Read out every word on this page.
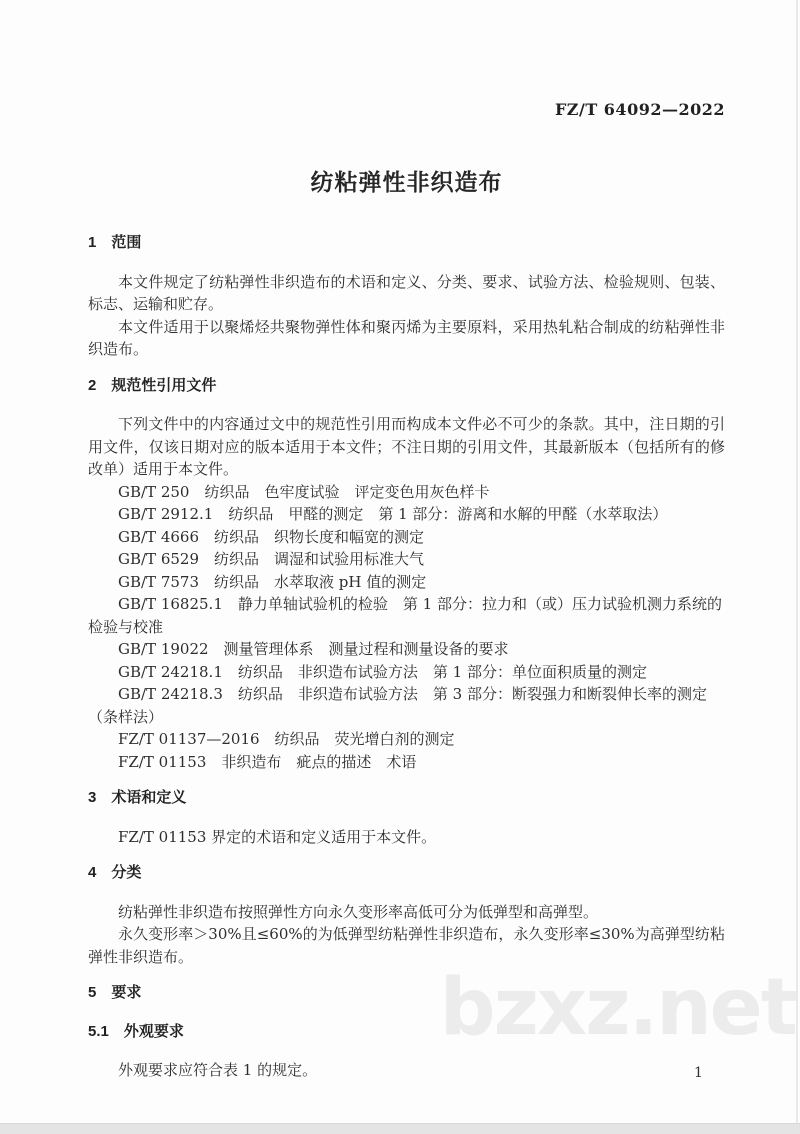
bzxz.net
FZ/T 64092—2022
纺粘弹性非织造布
1　范围

本文件规定了纺粘弹性非织造布的术语和定义、分类、要求、试验方法、检验规则、包装、标志、运输和贮存。

本文件适用于以聚烯烃共聚物弹性体和聚丙烯为主要原料，采用热轧粘合制成的纺粘弹性非织造布。

2　规范性引用文件

下列文件中的内容通过文中的规范性引用而构成本文件必不可少的条款。其中，注日期的引用文件，仅该日期对应的版本适用于本文件；不注日期的引用文件，其最新版本（包括所有的修改单）适用于本文件。

GB/T 250　纺织品　色牢度试验　评定变色用灰色样卡
GB/T 2912.1　纺织品　甲醛的测定　第 1 部分：游离和水解的甲醛（水萃取法）
GB/T 4666　纺织品　织物长度和幅宽的测定
GB/T 6529　纺织品　调湿和试验用标准大气
GB/T 7573　纺织品　水萃取液 pH 值的测定
GB/T 16825.1　静力单轴试验机的检验　第 1 部分：拉力和（或）压力试验机测力系统的检验与校准
GB/T 19022　测量管理体系　测量过程和测量设备的要求
GB/T 24218.1　纺织品　非织造布试验方法　第 1 部分：单位面积质量的测定
GB/T 24218.3　纺织品　非织造布试验方法　第 3 部分：断裂强力和断裂伸长率的测定（条样法）
FZ/T 01137—2016　纺织品　荧光增白剂的测定
FZ/T 01153　非织造布　疵点的描述　术语
3　术语和定义

FZ/T 01153 界定的术语和定义适用于本文件。

4　分类

纺粘弹性非织造布按照弹性方向永久变形率高低可分为低弹型和高弹型。

永久变形率＞30%且≤60%的为低弹型纺粘弹性非织造布，永久变形率≤30%为高弹型纺粘弹性非织造布。

5　要求
5.1　外观要求

外观要求应符合表 1 的规定。	1
